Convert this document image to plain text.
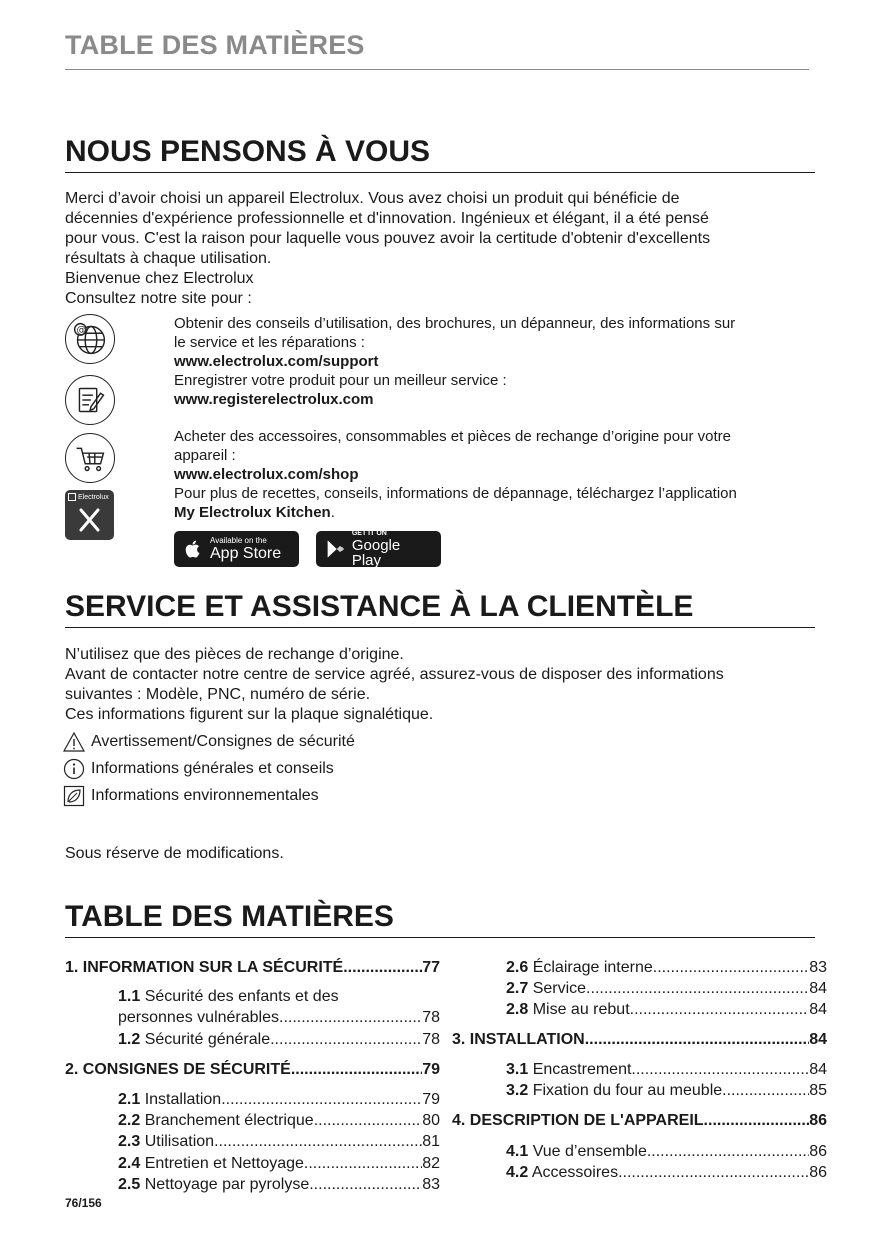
TABLE DES MATIÈRES
NOUS PENSONS À VOUS
Merci d’avoir choisi un appareil Electrolux. Vous avez choisi un produit qui bénéficie de
décennies d'expérience professionnelle et d'innovation. Ingénieux et élégant, il a été pensé
pour vous. C'est la raison pour laquelle vous pouvez avoir la certitude d'obtenir d'excellents
résultats à chaque utilisation.
Bienvenue chez Electrolux
Consultez notre site pour :
@
Electrolux
Obtenir des conseils d’utilisation, des brochures, un dépanneur, des informations sur
le service et les réparations :
www.electrolux.com/support
Enregistrer votre produit pour un meilleur service :
www.registerelectrolux.com
Acheter des accessoires, consommables et pièces de rechange d’origine pour votre
appareil :
www.electrolux.com/shop
Pour plus de recettes, conseils, informations de dépannage, téléchargez l’application
My Electrolux Kitchen.
Available on the
App Store
GET IT ON
Google Play
SERVICE ET ASSISTANCE À LA CLIENTÈLE
N’utilisez que des pièces de rechange d’origine.
Avant de contacter notre centre de service agréé, assurez-vous de disposer des informations
suivantes : Modèle, PNC, numéro de série.
Ces informations figurent sur la plaque signalétique.
Avertissement/Consignes de sécurité
Informations générales et conseils
Informations environnementales
Sous réserve de modifications.
TABLE DES MATIÈRES
1. INFORMATION SUR LA SÉCURITÉ .....	77
1.1 Sécurité des enfants et des
personnes vulnérables .....	78
1.2 Sécurité générale .....	78
2. CONSIGNES DE SÉCURITÉ .....	79
2.1 Installation .....	79
2.2 Branchement électrique .....	80
2.3 Utilisation .....	81
2.4 Entretien et Nettoyage .....	82
2.5 Nettoyage par pyrolyse .....	83
2.6 Éclairage interne .....	83
2.7 Service .....	84
2.8 Mise au rebut .....	84
3. INSTALLATION .....	84
3.1 Encastrement .....	84
3.2 Fixation du four au meuble .....	85
4. DESCRIPTION DE L'APPAREIL .....	86
4.1 Vue d’ensemble .....	86
4.2 Accessoires .....	86
76/156
